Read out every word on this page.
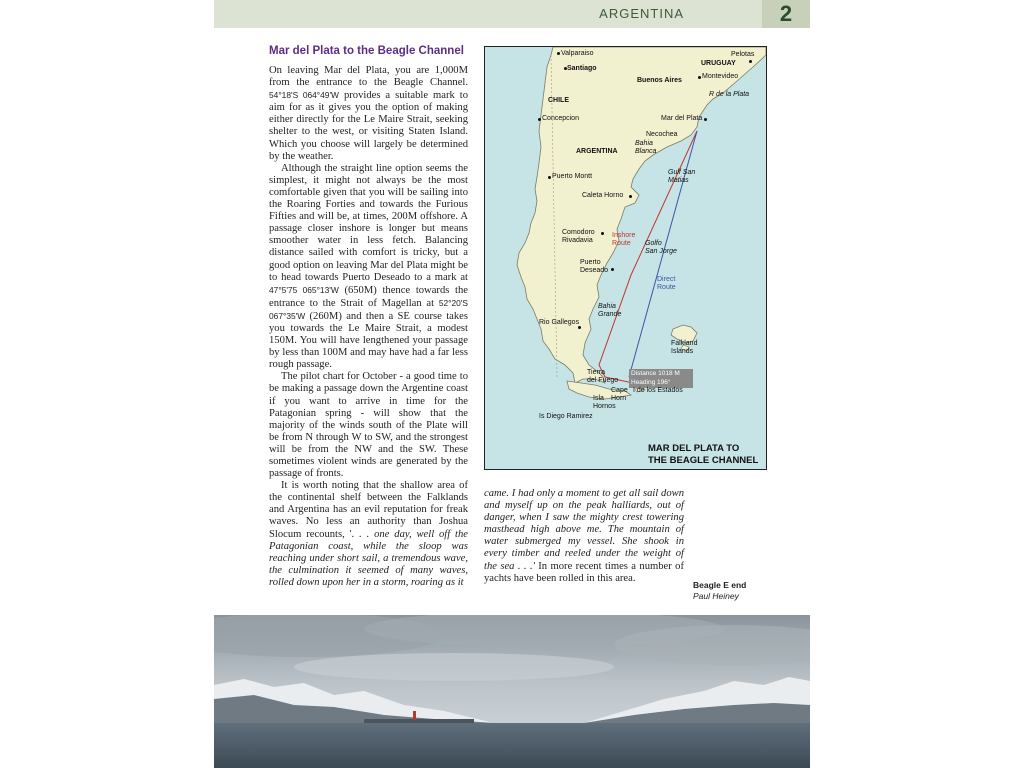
ARGENTINA	2
Mar del Plata to the Beagle Channel

On leaving Mar del Plata, you are 1,000M from the entrance to the Beagle Channel. 54°18'S 064°49'W provides a suitable mark to aim for as it gives you the option of making either directly for the Le Maire Strait, seeking shelter to the west, or visiting Staten Island. Which you choose will largely be determined by the weather.

Although the straight line option seems the simplest, it might not always be the most comfortable given that you will be sailing into the Roaring Forties and towards the Furious Fifties and will be, at times, 200M offshore. A passage closer inshore is longer but means smoother water in less fetch. Balancing distance sailed with comfort is tricky, but a good option on leaving Mar del Plata might be to head towards Puerto Deseado to a mark at 47°5'75 065°13'W (650M) thence towards the entrance to the Strait of Magellan at 52°20'S 067°35'W (260M) and then a SE course takes you towards the Le Maire Strait, a modest 150M. You will have lengthened your passage by less than 100M and may have had a far less rough passage.

The pilot chart for October - a good time to be making a passage down the Argentine coast if you want to arrive in time for the Patagonian spring - will show that the majority of the winds south of the Plate will be from N through W to SW, and the strongest will be from the NW and the SW. These sometimes violent winds are generated by the passage of fronts.

It is worth noting that the shallow area of the continental shelf between the Falklands and Argentina has an evil reputation for freak waves. No less an authority than Joshua Slocum recounts, '. . . one day, well off the Patagonian coast, while the sloop was reaching under short sail, a tremendous wave, the culmination it seemed of many waves, rolled down upon her in a storm, roaring as it

came. I had only a moment to get all sail down and myself up on the peak halliards, out of danger, when I saw the mighty crest towering masthead high above me. The mountain of water submerged my vessel. She shook in every timber and reeled under the weight of the sea . . .' In more recent times a number of yachts have been rolled in this area.

Beagle E end
Paul Heiney
Valparaiso
Santiago
Pelotas
URUGUAY
Montevideo
Buenos Aires
R de la Plata
CHILE
Concepcion	Mar del Plata
Necochea
Bahia
Blanca
ARGENTINA
Puerto Montt
Gulf San
Matias
Caleta Horno
Comodoro
Rivadavia
Inshore
Route	Golfo
San Jorge
Puerto
Deseado
Direct
Route
Bahia
Grande
Rio Gallegos
Falkland
Islands
Tierra
del Fuego
Distance 1018 M
Heading 196°
Cape
Horn
I de los Estados
Isla
Hornos
Is Diego Ramirez
MAR DEL PLATA TO
THE BEAGLE CHANNEL
